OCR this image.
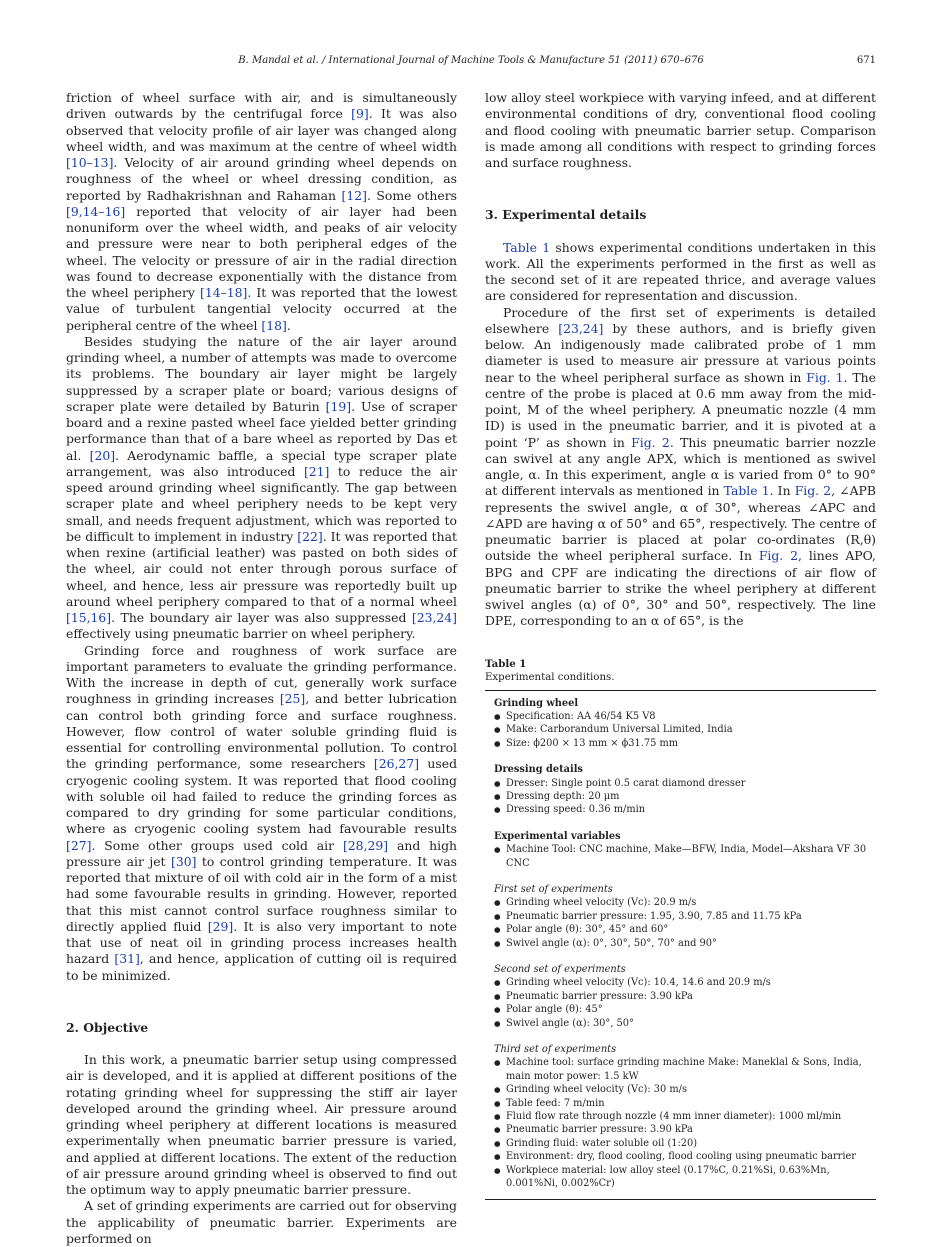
B. Mandal et al. / International Journal of Machine Tools & Manufacture 51 (2011) 670–676	671

friction of wheel surface with air, and is simultaneously driven outwards by the centrifugal force [9]. It was also observed that velocity profile of air layer was changed along wheel width, and was maximum at the centre of wheel width [10–13]. Velocity of air around grinding wheel depends on roughness of the wheel or wheel dressing condition, as reported by Radhakrishnan and Rahaman [12]. Some others [9,14–16] reported that velocity of air layer had been nonuniform over the wheel width, and peaks of air velocity and pressure were near to both peripheral edges of the wheel. The velocity or pressure of air in the radial direction was found to decrease exponentially with the distance from the wheel periphery [14–18]. It was reported that the lowest value of turbulent tangential velocity occurred at the peripheral centre of the wheel [18].

Besides studying the nature of the air layer around grinding wheel, a number of attempts was made to overcome its problems. The boundary air layer might be largely suppressed by a scraper plate or board; various designs of scraper plate were detailed by Baturin [19]. Use of scraper board and a rexine pasted wheel face yielded better grinding performance than that of a bare wheel as reported by Das et al. [20]. Aerodynamic baffle, a special type scraper plate arrangement, was also introduced [21] to reduce the air speed around grinding wheel significantly. The gap between scraper plate and wheel periphery needs to be kept very small, and needs frequent adjustment, which was reported to be difficult to implement in industry [22]. It was reported that when rexine (artificial leather) was pasted on both sides of the wheel, air could not enter through porous surface of wheel, and hence, less air pressure was reportedly built up around wheel periphery compared to that of a normal wheel [15,16]. The boundary air layer was also suppressed [23,24] effectively using pneumatic barrier on wheel periphery.

Grinding force and roughness of work surface are important parameters to evaluate the grinding performance. With the increase in depth of cut, generally work surface roughness in grinding increases [25], and better lubrication can control both grinding force and surface roughness. However, flow control of water soluble grinding fluid is essential for controlling environmental pollution. To control the grinding performance, some researchers [26,27] used cryogenic cooling system. It was reported that flood cooling with soluble oil had failed to reduce the grinding forces as compared to dry grinding for some particular conditions, where as cryogenic cooling system had favourable results [27]. Some other groups used cold air [28,29] and high pressure air jet [30] to control grinding temperature. It was reported that mixture of oil with cold air in the form of a mist had some favourable results in grinding. However, reported that this mist cannot control surface roughness similar to directly applied fluid [29]. It is also very important to note that use of neat oil in grinding process increases health hazard [31], and hence, application of cutting oil is required to be minimized.

2. Objective

In this work, a pneumatic barrier setup using compressed air is developed, and it is applied at different positions of the rotating grinding wheel for suppressing the stiff air layer developed around the grinding wheel. Air pressure around grinding wheel periphery at different locations is measured experimentally when pneumatic barrier pressure is varied, and applied at different locations. The extent of the reduction of air pressure around grinding wheel is observed to find out the optimum way to apply pneumatic barrier pressure.

A set of grinding experiments are carried out for observing the applicability of pneumatic barrier. Experiments are performed on

low alloy steel workpiece with varying infeed, and at different environmental conditions of dry, conventional flood cooling and flood cooling with pneumatic barrier setup. Comparison is made among all conditions with respect to grinding forces and surface roughness.

3. Experimental details

Table 1 shows experimental conditions undertaken in this work. All the experiments performed in the first as well as the second set of it are repeated thrice, and average values are considered for representation and discussion.

Procedure of the first set of experiments is detailed elsewhere [23,24] by these authors, and is briefly given below. An indigenously made calibrated probe of 1 mm diameter is used to measure air pressure at various points near to the wheel peripheral surface as shown in Fig. 1. The centre of the probe is placed at 0.6 mm away from the mid-point, M of the wheel periphery. A pneumatic nozzle (4 mm ID) is used in the pneumatic barrier, and it is pivoted at a point ‘P’ as shown in Fig. 2. This pneumatic barrier nozzle can swivel at any angle APX, which is mentioned as swivel angle, α. In this experiment, angle α is varied from 0° to 90° at different intervals as mentioned in Table 1. In Fig. 2, ∠APB represents the swivel angle, α of 30°, whereas ∠APC and ∠APD are having α of 50° and 65°, respectively. The centre of pneumatic barrier is placed at polar co-ordinates (R,θ) outside the wheel peripheral surface. In Fig. 2, lines APO, BPG and CPF are indicating the directions of air flow of pneumatic barrier to strike the wheel periphery at different swivel angles (α) of 0°, 30° and 50°, respectively. The line DPE, corresponding to an α of 65°, is the

Table 1
Experimental conditions.
Grinding wheel
● Specification: AA 46/54 K5 V8
● Make: Carborandum Universal Limited, India
● Size: ϕ200 × 13 mm × ϕ31.75 mm
Dressing details
● Dresser: Single point 0.5 carat diamond dresser
● Dressing depth: 20 μm
● Dressing speed: 0.36 m/min
Experimental variables
● Machine Tool: CNC machine, Make—BFW, India, Model—Akshara VF 30 CNC
First set of experiments
● Grinding wheel velocity (Vc): 20.9 m/s
● Pneumatic barrier pressure: 1.95, 3.90, 7.85 and 11.75 kPa
● Polar angle (θ): 30°, 45° and 60°
● Swivel angle (α): 0°, 30°, 50°, 70° and 90°
Second set of experiments
● Grinding wheel velocity (Vc): 10.4, 14.6 and 20.9 m/s
● Pneumatic barrier pressure: 3.90 kPa
● Polar angle (θ): 45°
● Swivel angle (α): 30°, 50°
Third set of experiments
● Machine tool: surface grinding machine Make: Maneklal & Sons, India, main motor power: 1.5 kW
● Grinding wheel velocity (Vc): 30 m/s
● Table feed: 7 m/min
● Fluid flow rate through nozzle (4 mm inner diameter): 1000 ml/min
● Pneumatic barrier pressure: 3.90 kPa
● Grinding fluid: water soluble oil (1:20)
● Environment: dry, flood cooling, flood cooling using pneumatic barrier
● Workpiece material: low alloy steel (0.17%C, 0.21%Si, 0.63%Mn, 0.001%Ni, 0.002%Cr)
